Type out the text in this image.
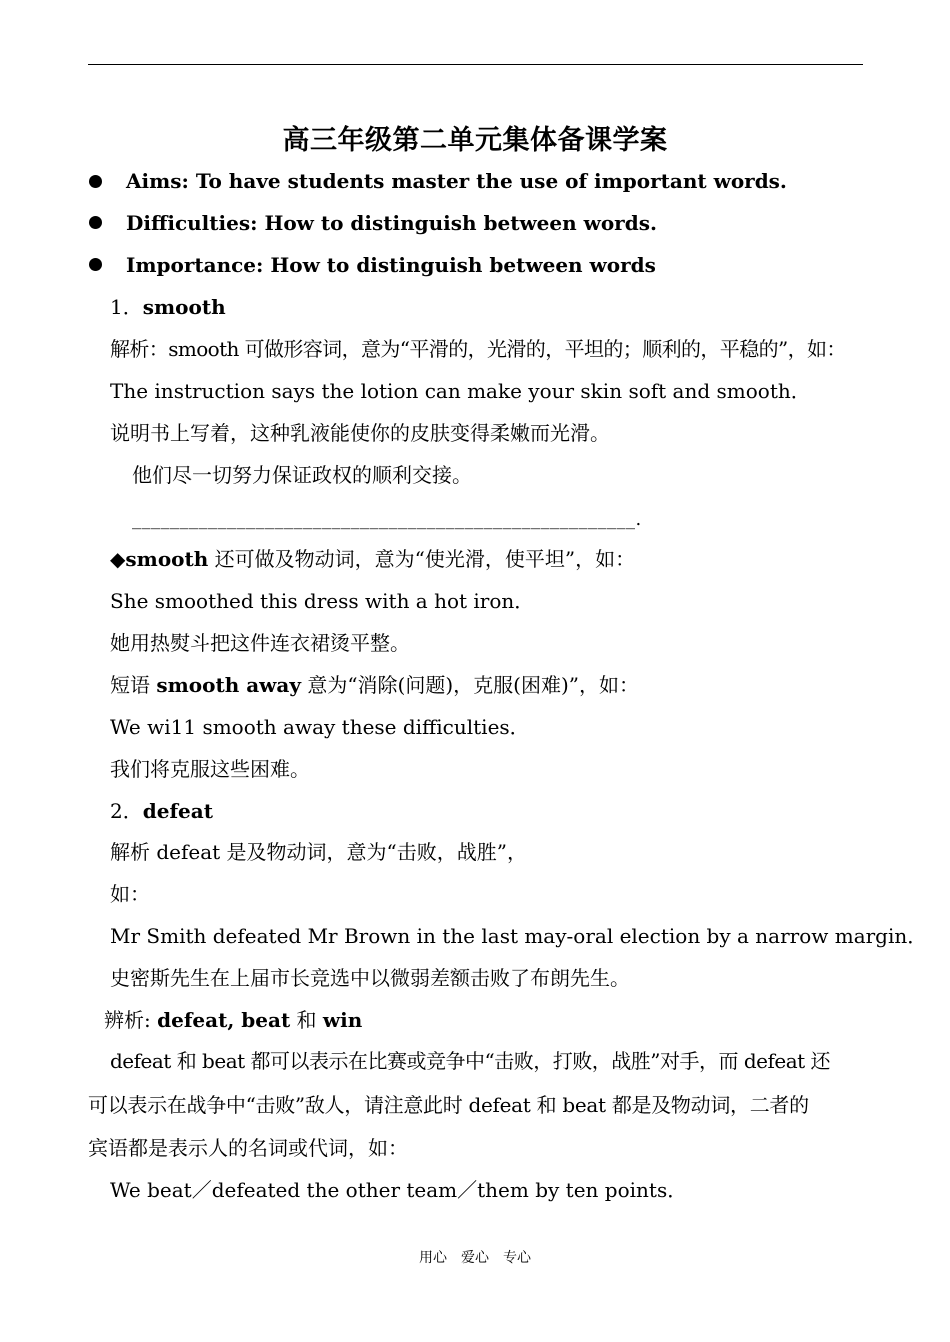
高三年级第二单元集体备课学案
Aims: To have students master the use of important words.
Difficulties: How to distinguish between words.
Importance: How to distinguish between words
1．smooth
解析：smooth 可做形容词，意为“平滑的，光滑的，平坦的；顺利的，平稳的”，如：
The instruction says the lotion can make your skin soft and smooth．
说明书上写着，这种乳液能使你的皮肤变得柔嫩而光滑。
他们尽一切努力保证政权的顺利交接。
_____________________________________________________.
◆smooth 还可做及物动词，意为“使光滑，使平坦”，如：
She smoothed this dress with a hot iron．
她用热熨斗把这件连衣裙烫平整。
短语 smooth away 意为“消除(问题)，克服(困难)”，如：
We wi11 smooth away these difficulties．
我们将克服这些困难。
2．defeat
解析 defeat 是及物动词，意为“击败，战胜”，
如：
Mr Smith defeated Mr Brown in the last may-oral election by a narrow margin．
史密斯先生在上届市长竞选中以微弱差额击败了布朗先生。
辨析: defeat, beat 和 win
defeat 和 beat 都可以表示在比赛或竞争中“击败，打败，战胜”对手，而 defeat 还
可以表示在战争中“击败”敌人，请注意此时 defeat 和 beat 都是及物动词，二者的
宾语都是表示人的名词或代词，如：
We beat／defeated the other team／them by ten points．
用心 爱心 专心
